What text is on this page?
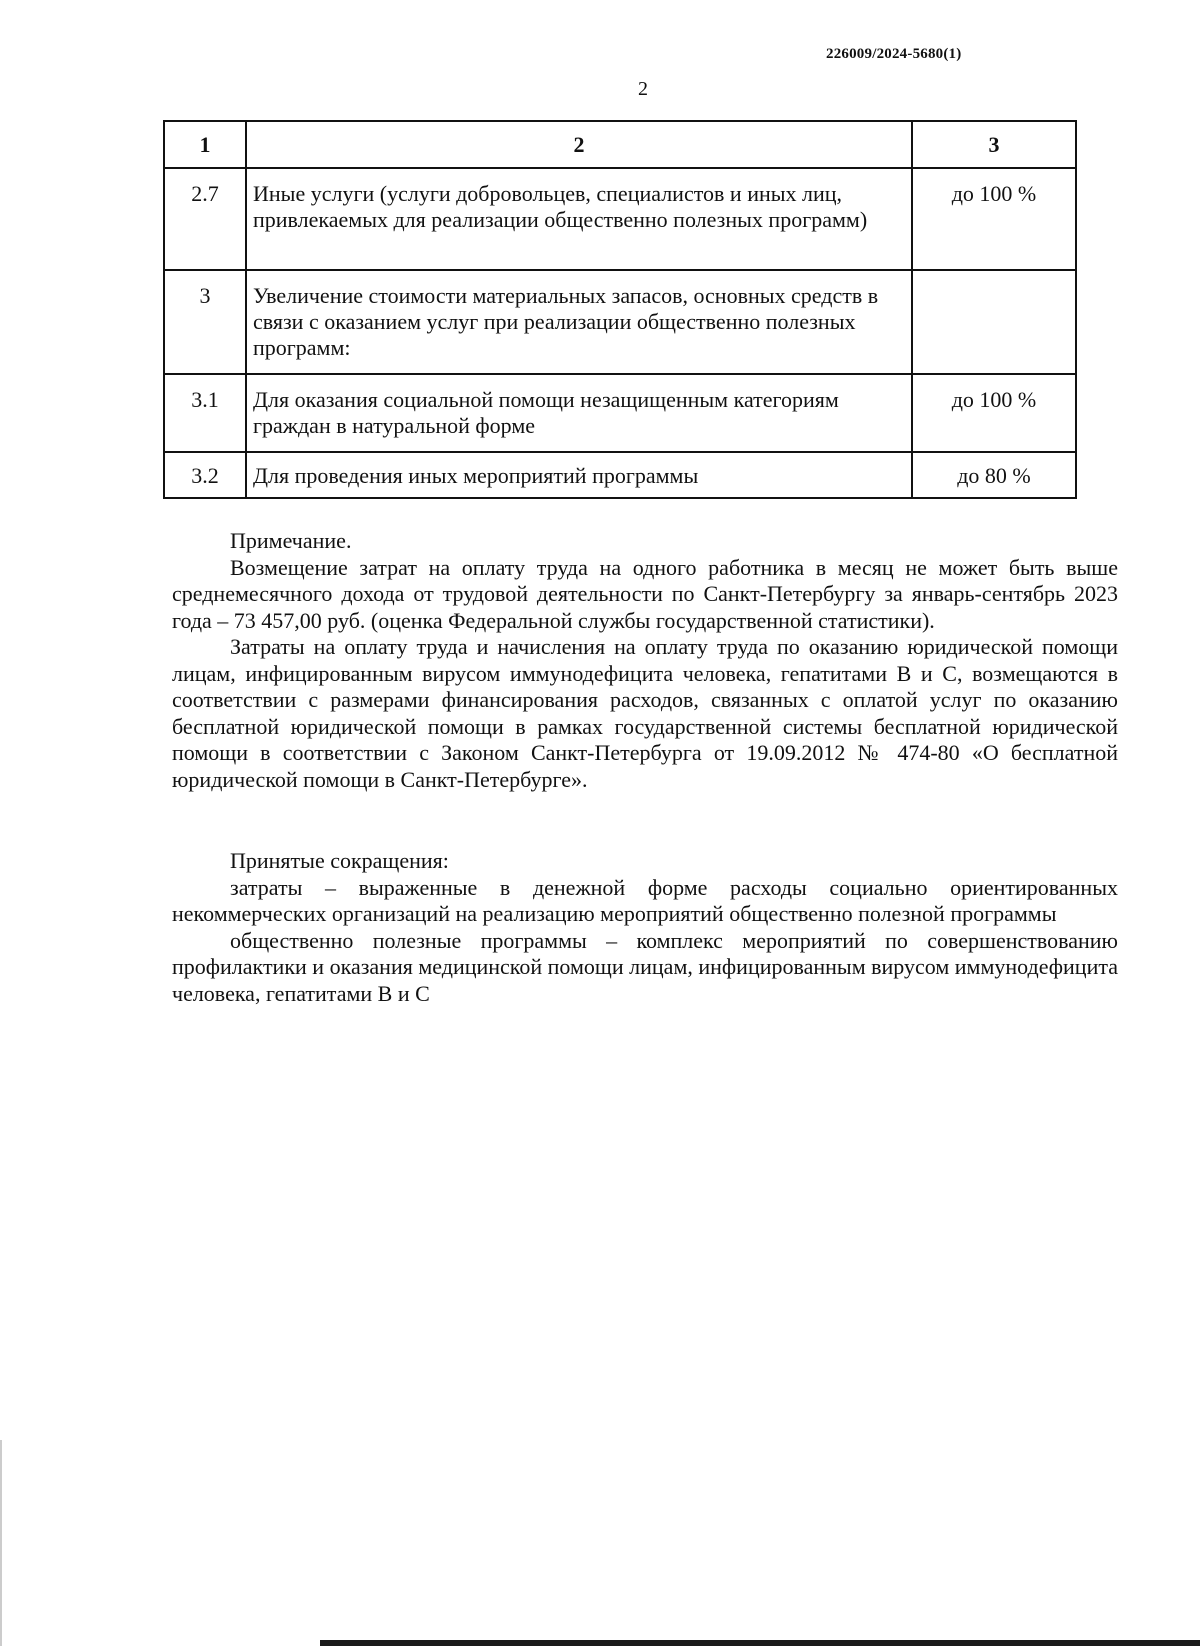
226009/2024-5680(1)
2
1	2	3
2.7	Иные услуги (услуги добровольцев, специалистов и иных лиц, привлекаемых для реализации общественно полезных программ)	до 100 %
3	Увеличение стоимости материальных запасов, основных средств в связи с оказанием услуг при реализации общественно полезных программ:	
3.1	Для оказания социальной помощи незащищенным категориям граждан в натуральной форме	до 100 %
3.2	Для проведения иных мероприятий программы	до 80 %

Примечание.

Возмещение затрат на оплату труда на одного работника в месяц не может быть выше среднемесячного дохода от трудовой деятельности по Санкт-Петербургу за январь-сентябрь 2023 года – 73 457,00 руб. (оценка Федеральной службы государственной статистики).

Затраты на оплату труда и начисления на оплату труда по оказанию юридической помощи лицам, инфицированным вирусом иммунодефицита человека, гепатитами В и С, возмещаются в соответствии с размерами финансирования расходов, связанных с оплатой услуг по оказанию бесплатной юридической помощи в рамках государственной системы бесплатной юридической помощи в соответствии с Законом Санкт-Петербурга от 19.09.2012 № 474-80 «О бесплатной юридической помощи в Санкт-Петербурге».

Принятые сокращения:

затраты – выраженные в денежной форме расходы социально ориентированных некоммерческих организаций на реализацию мероприятий общественно полезной программы

общественно полезные программы – комплекс мероприятий по совершенствованию профилактики и оказания медицинской помощи лицам, инфицированным вирусом иммунодефицита человека, гепатитами В и С
